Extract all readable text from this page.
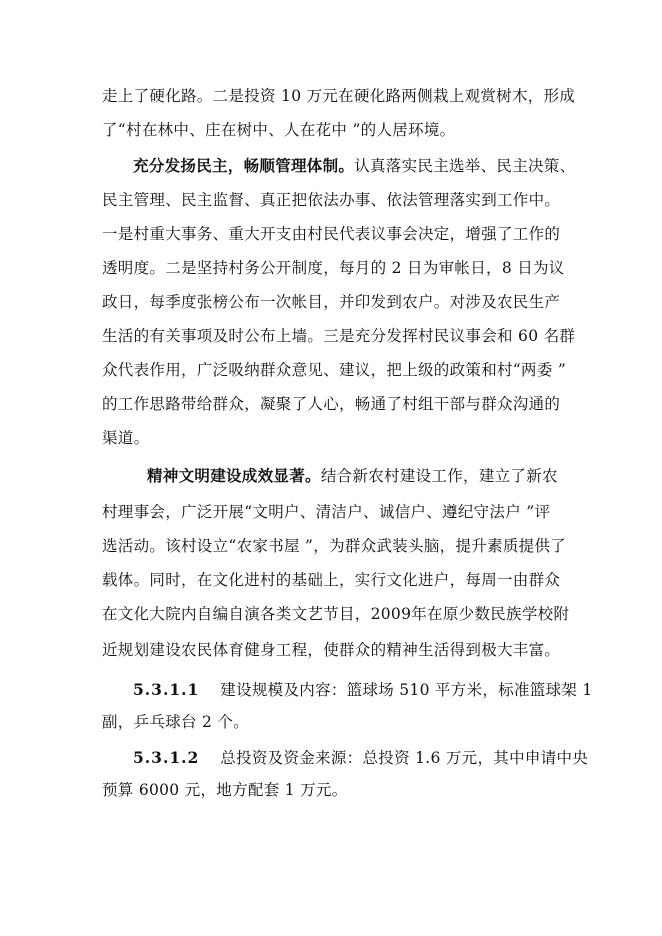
走上了硬化路。二是投资 10 万元在硬化路两侧栽上观赏树木，形成
了“村在林中、庄在树中、人在花中 ”的人居环境。
充分发扬民主，畅顺管理体制。认真落实民主选举、民主决策、
民主管理、民主监督、真正把依法办事、依法管理落实到工作中。
一是村重大事务、重大开支由村民代表议事会决定，增强了工作的
透明度。二是坚持村务公开制度，每月的 2 日为审帐日，8 日为议
政日，每季度张榜公布一次帐目，并印发到农户。对涉及农民生产
生活的有关事项及时公布上墙。三是充分发挥村民议事会和 60 名群
众代表作用，广泛吸纳群众意见、建议，把上级的政策和村“两委 ”
的工作思路带给群众，凝聚了人心，畅通了村组干部与群众沟通的
渠道。
精神文明建设成效显著。结合新农村建设工作，建立了新农
村理事会，广泛开展“文明户、清洁户、诚信户、遵纪守法户 ”评
选活动。该村设立“农家书屋 ”，为群众武装头脑，提升素质提供了
载体。同时，在文化进村的基础上，实行文化进户，每周一由群众
在文化大院内自编自演各类文艺节目，2009年在原少数民族学校附
近规划建设农民体育健身工程，使群众的精神生活得到极大丰富。
5.3.1.1 建设规模及内容：篮球场 510 平方米，标准篮球架 1
副，乒乓球台 2 个。
5.3.1.2 总投资及资金来源：总投资 1.6 万元，其中申请中央
预算 6000 元，地方配套 1 万元。
